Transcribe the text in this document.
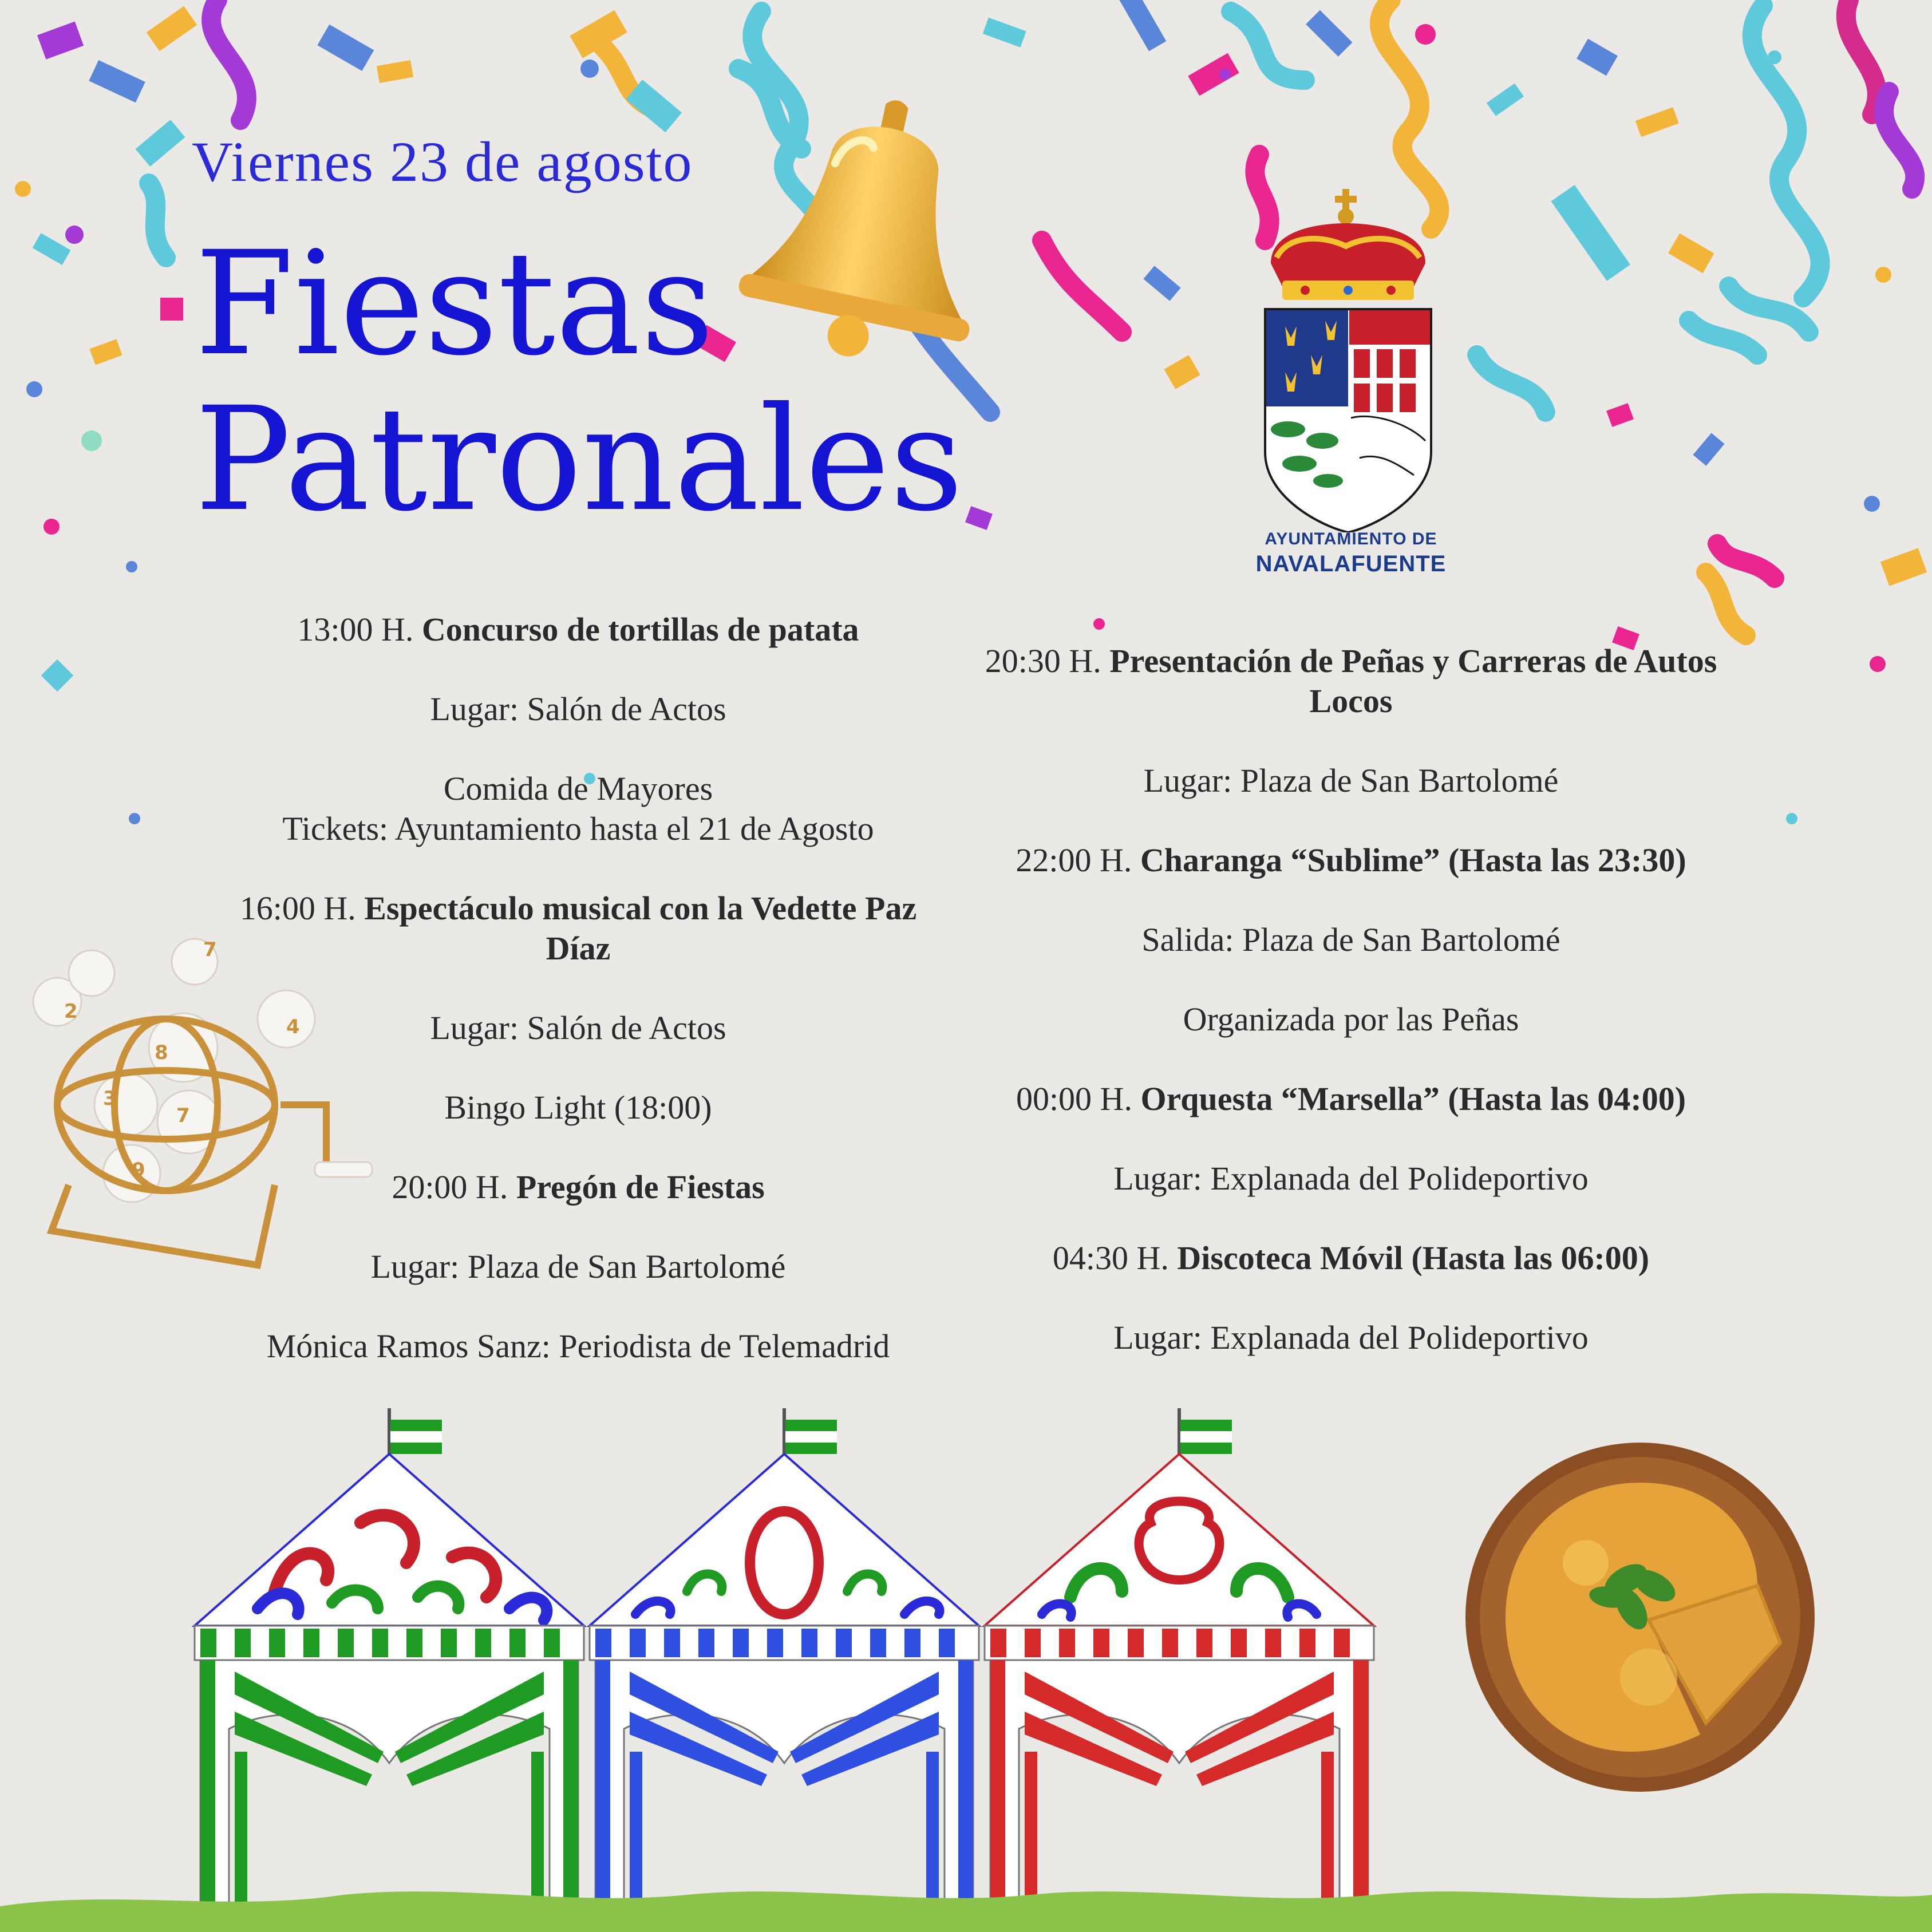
Viernes 23 de agosto
Fiestas
Patronales	AYUNTAMIENTO DE
NAVALAFUENTE
13:00 H. Concurso de tortillas de patata
Lugar: Salón de Actos
Comida de Mayores
Tickets: Ayuntamiento hasta el 21 de Agosto
16:00 H. Espectáculo musical con la Vedette Paz Díaz
Lugar: Salón de Actos
Bingo Light (18:00)
20:00 H. Pregón de Fiestas
Lugar: Plaza de San Bartolomé
Mónica Ramos Sanz: Periodista de Telemadrid
20:30 H. Presentación de Peñas y Carreras de Autos Locos
Lugar: Plaza de San Bartolomé
22:00 H. Charanga “Sublime” (Hasta las 23:30)
Salida: Plaza de San Bartolomé
Organizada por las Peñas
00:00 H. Orquesta “Marsella” (Hasta las 04:00)
Lugar: Explanada del Polideportivo
04:30 H. Discoteca Móvil (Hasta las 06:00)
Lugar: Explanada del Polideportivo
2
7
4
8
3
7
9
